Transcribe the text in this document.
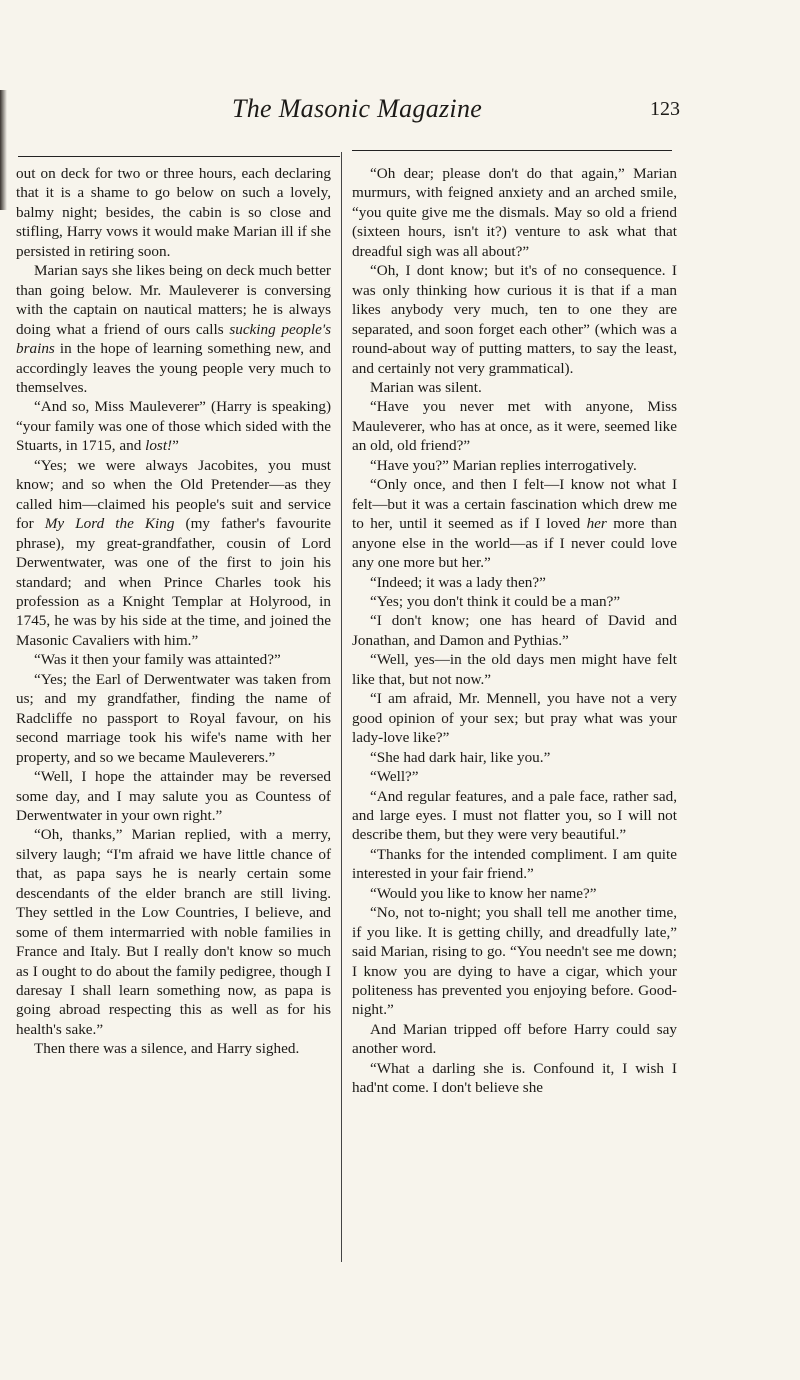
The Masonic Magazine	123

out on deck for two or three hours, each declaring that it is a shame to go below on such a lovely, balmy night; besides, the cabin is so close and stifling, Harry vows it would make Marian ill if she persisted in retiring soon.

Marian says she likes being on deck much better than going below. Mr. Mauleverer is conversing with the captain on nautical matters; he is always doing what a friend of ours calls sucking people's brains in the hope of learning something new, and accordingly leaves the young people very much to themselves.

“And so, Miss Mauleverer” (Harry is speaking) “your family was one of those which sided with the Stuarts, in 1715, and lost!”

“Yes; we were always Jacobites, you must know; and so when the Old Pretender—as they called him—claimed his people's suit and service for My Lord the King (my father's favourite phrase), my great-grandfather, cousin of Lord Derwentwater, was one of the first to join his standard; and when Prince Charles took his profession as a Knight Templar at Holyrood, in 1745, he was by his side at the time, and joined the Masonic Cavaliers with him.”

“Was it then your family was attainted?”

“Yes; the Earl of Derwentwater was taken from us; and my grandfather, finding the name of Radcliffe no passport to Royal favour, on his second marriage took his wife's name with her property, and so we became Mauleverers.”

“Well, I hope the attainder may be reversed some day, and I may salute you as Countess of Derwentwater in your own right.”

“Oh, thanks,” Marian replied, with a merry, silvery laugh; “I'm afraid we have little chance of that, as papa says he is nearly certain some descendants of the elder branch are still living. They settled in the Low Countries, I believe, and some of them intermarried with noble families in France and Italy. But I really don't know so much as I ought to do about the family pedigree, though I daresay I shall learn something now, as papa is going abroad respecting this as well as for his health's sake.”

Then there was a silence, and Harry sighed.

“Oh dear; please don't do that again,” Marian murmurs, with feigned anxiety and an arched smile, “you quite give me the dismals. May so old a friend (sixteen hours, isn't it?) venture to ask what that dreadful sigh was all about?”

“Oh, I dont know; but it's of no consequence. I was only thinking how curious it is that if a man likes anybody very much, ten to one they are separated, and soon forget each other” (which was a round-about way of putting matters, to say the least, and certainly not very grammatical).

Marian was silent.

“Have you never met with anyone, Miss Mauleverer, who has at once, as it were, seemed like an old, old friend?”

“Have you?” Marian replies interrogatively.

“Only once, and then I felt—I know not what I felt—but it was a certain fascination which drew me to her, until it seemed as if I loved her more than anyone else in the world—as if I never could love any one more but her.”

“Indeed; it was a lady then?”

“Yes; you don't think it could be a man?”

“I don't know; one has heard of David and Jonathan, and Damon and Pythias.”

“Well, yes—in the old days men might have felt like that, but not now.”

“I am afraid, Mr. Mennell, you have not a very good opinion of your sex; but pray what was your lady-love like?”

“She had dark hair, like you.”

“Well?”

“And regular features, and a pale face, rather sad, and large eyes. I must not flatter you, so I will not describe them, but they were very beautiful.”

“Thanks for the intended compliment. I am quite interested in your fair friend.”

“Would you like to know her name?”

“No, not to-night; you shall tell me another time, if you like. It is getting chilly, and dreadfully late,” said Marian, rising to go. “You needn't see me down; I know you are dying to have a cigar, which your politeness has prevented you enjoying before. Good-night.”

And Marian tripped off before Harry could say another word.

“What a darling she is. Confound it, I wish I had'nt come. I don't believe she
